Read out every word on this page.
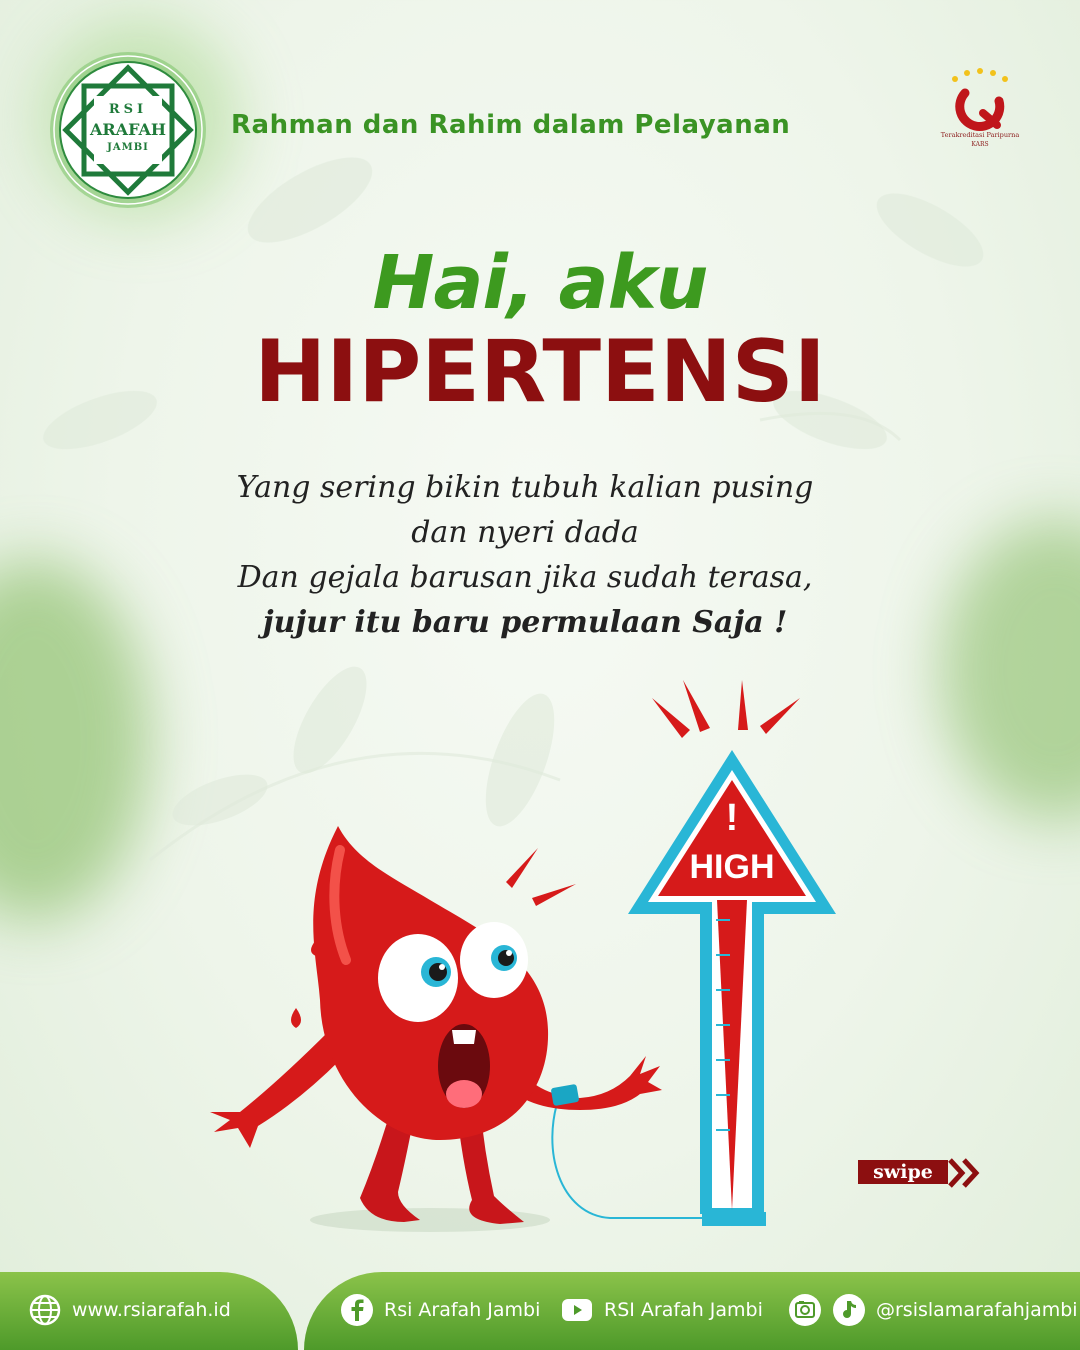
RSI
ARAFAH
JAMBI
Rahman dan Rahim dalam Pelayanan	Terakreditasi Paripurna
KARS
Hai, aku
HIPERTENSI
Yang sering bikin tubuh kalian pusing
dan nyeri dada
Dan gejala barusan jika sudah terasa,
jujur itu baru permulaan Saja !
!
HIGH
swipe
www.rsiarafah.id	Rsi Arafah Jambi	RSI Arafah Jambi	@rsislamarafahjambi
